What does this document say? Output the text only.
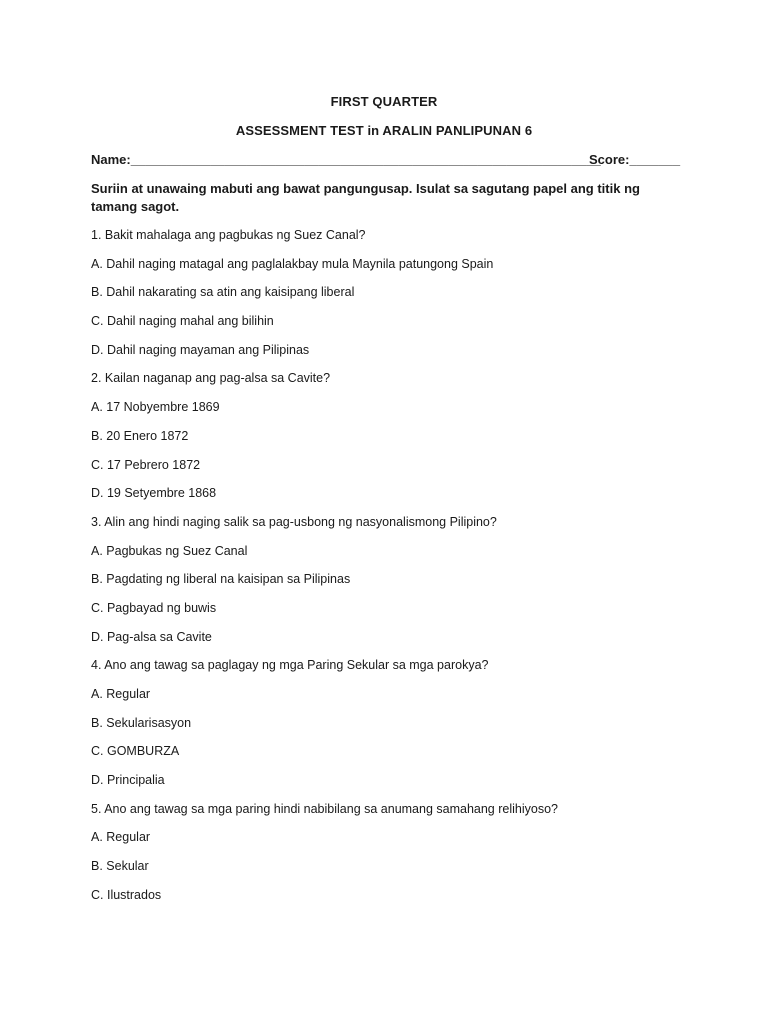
FIRST QUARTER
ASSESSMENT TEST in ARALIN PANLIPUNAN 6
Name:_________________________________________________________________
Score:_______
Suriin at unawaing mabuti ang bawat pangungusap. Isulat sa sagutang papel ang titik ng tamang sagot.
1. Bakit mahalaga ang pagbukas ng Suez Canal?
A. Dahil naging matagal ang paglalakbay mula Maynila patungong Spain
B. Dahil nakarating sa atin ang kaisipang liberal
C. Dahil naging mahal ang bilihin
D. Dahil naging mayaman ang Pilipinas
2. Kailan naganap ang pag-alsa sa Cavite?
A. 17 Nobyembre 1869
B. 20 Enero 1872
C. 17 Pebrero 1872
D. 19 Setyembre 1868
3. Alin ang hindi naging salik sa pag-usbong ng nasyonalismong Pilipino?
A. Pagbukas ng Suez Canal
B. Pagdating ng liberal na kaisipan sa Pilipinas
C. Pagbayad ng buwis
D. Pag-alsa sa Cavite
4. Ano ang tawag sa paglagay ng mga Paring Sekular sa mga parokya?
A. Regular
B. Sekularisasyon
C. GOMBURZA
D. Principalia
5. Ano ang tawag sa mga paring hindi nabibilang sa anumang samahang relihiyoso?
A. Regular
B. Sekular
C. Ilustrados
